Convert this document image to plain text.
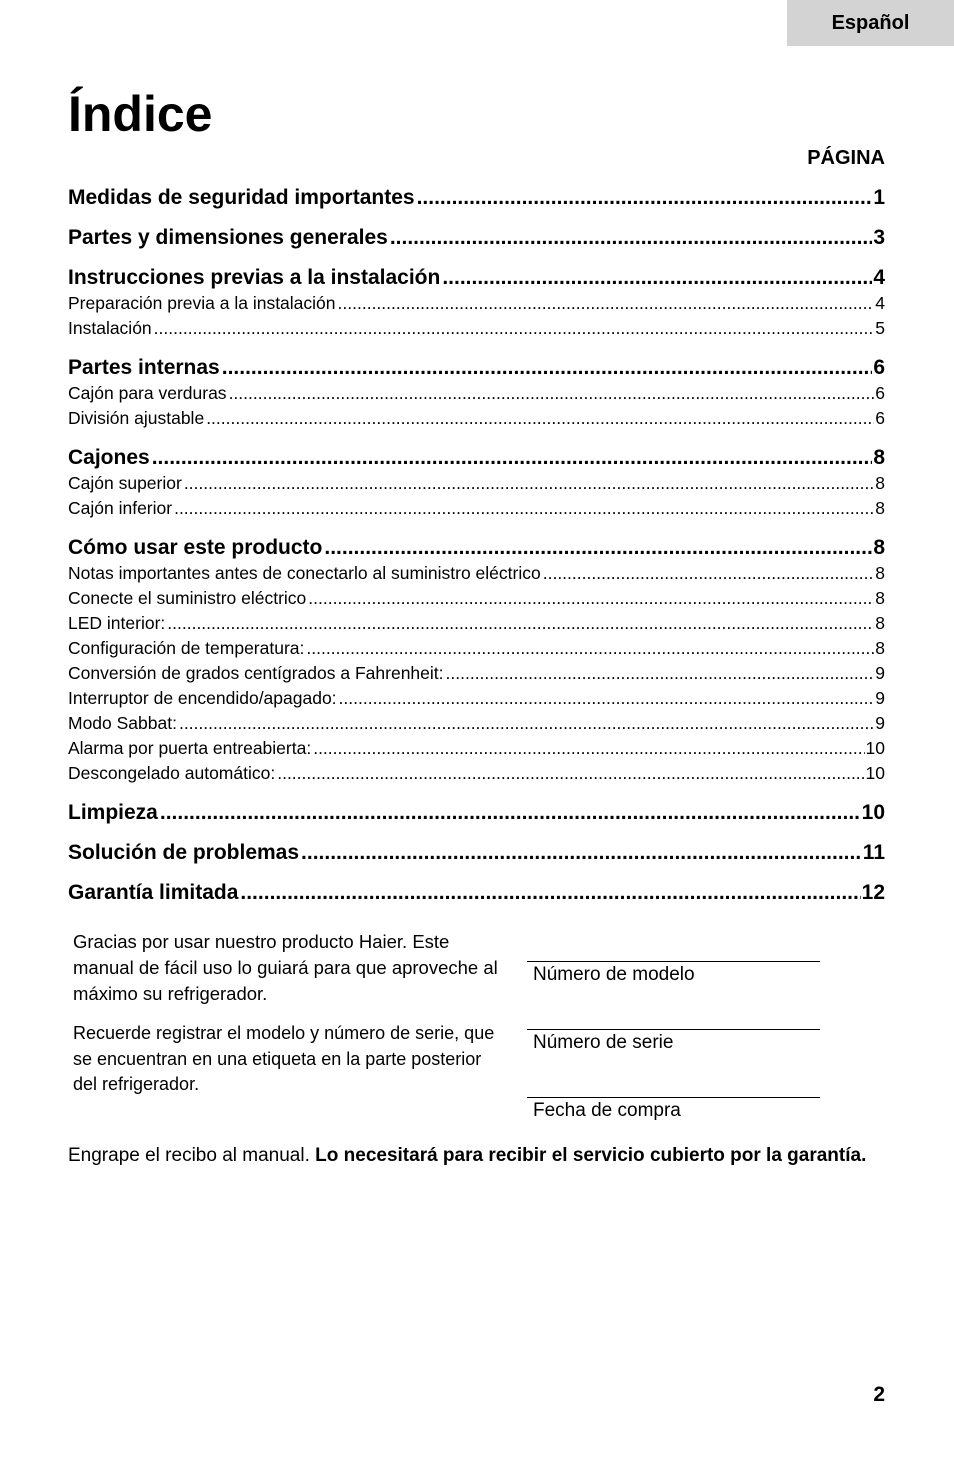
Español
Índice
PÁGINA
Medidas de seguridad importantes .....	1
Partes y dimensiones generales .....	3
Instrucciones previas a la instalación .....	4
Preparación previa a la instalación .....	4
Instalación .....	5
Partes internas .....	6
Cajón para verduras .....	6
División ajustable .....	6
Cajones .....	8
Cajón superior .....	8
Cajón inferior .....	8
Cómo usar este producto .....	8
Notas importantes antes de conectarlo al suministro eléctrico .....	8
Conecte el suministro eléctrico .....	8
LED interior: .....	8
Configuración de temperatura: .....	8
Conversión de grados centígrados a Fahrenheit: .....	9
Interruptor de encendido/apagado: .....	9
Modo Sabbat: .....	9
Alarma por puerta entreabierta: .....	10
Descongelado automático: .....	10
Limpieza .....	10
Solución de problemas .....	11
Garantía limitada .....	12

Gracias por usar nuestro producto Haier. Este manual de fácil uso lo guiará para que aproveche al máximo su refrigerador.

Recuerde registrar el modelo y número de serie, que se encuentran en una etiqueta en la parte posterior del refrigerador.

Número de modelo
Número de serie
Fecha de compra

Engrape el recibo al manual. Lo necesitará para recibir el servicio cubierto por la garantía.

2
